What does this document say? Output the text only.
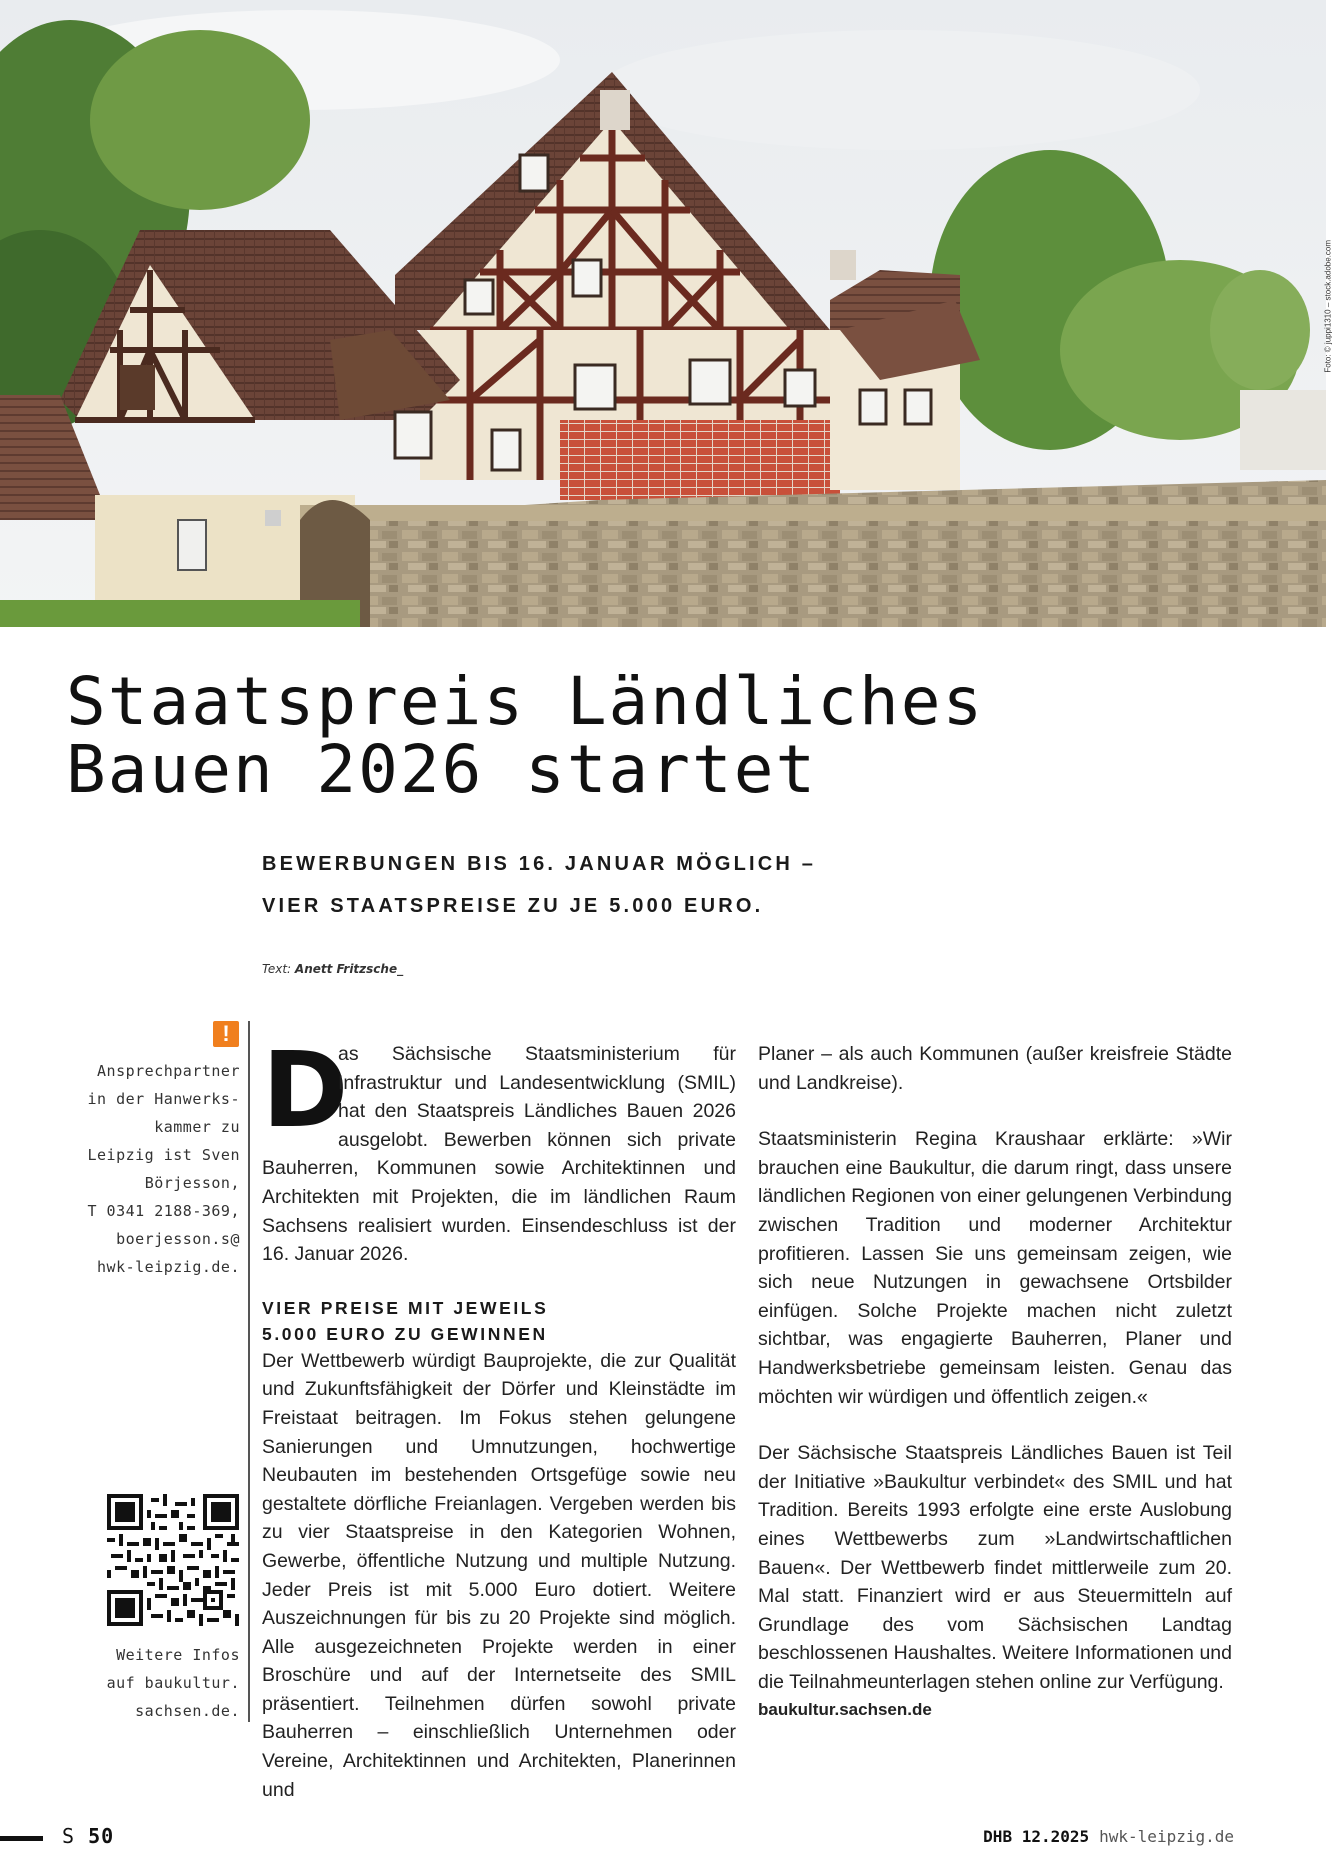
Foto: © juppi1310 – stock.adobe.com
Staatspreis Ländliches
Bauen 2026 startet
BEWERBUNGEN BIS 16. JANUAR MÖGLICH –
VIER STAATSPREISE ZU JE 5.000 EURO.
Text: Anett Fritzsche_
!
Ansprechpartner
in der Hanwerks-
kammer zu
Leipzig ist Sven
Börjesson,
T 0341 2188-369,
boerjesson.s@
hwk-leipzig.de.
Weitere Infos
auf baukultur.
sachsen.de.
D

as Sächsische Staatsministerium für Infrastruktur und Landesentwicklung (SMIL) hat den Staatspreis Ländliches Bauen 2026 ausgelobt. Bewerben können sich private Bauherren, Kommunen sowie Architektinnen und Architekten mit Projekten, die im ländlichen Raum Sachsens realisiert wurden. Einsendeschluss ist der 16. Januar 2026.

VIER PREISE MIT JEWEILS
5.000 EURO ZU GEWINNEN

Der Wettbewerb würdigt Bauprojekte, die zur Qualität und Zukunftsfähigkeit der Dörfer und Kleinstädte im Freistaat beitragen. Im Fokus stehen gelungene Sanierungen und Umnutzungen, hochwertige Neubauten im bestehenden Ortsgefüge sowie neu gestaltete dörfliche Freianlagen. Vergeben werden bis zu vier Staatspreise in den Kategorien Wohnen, Gewerbe, öffentliche Nutzung und multiple Nutzung. Jeder Preis ist mit 5.000 Euro dotiert. Weitere Auszeichnungen für bis zu 20 Projekte sind möglich. Alle ausgezeichneten Projekte werden in einer Broschüre und auf der Internetseite des SMIL präsentiert. Teilnehmen dürfen sowohl private Bauherren – einschließlich Unternehmen oder Vereine, Architektinnen und Architekten, Planerinnen und

Planer – als auch Kommunen (außer kreisfreie Städte und Landkreise).

Staatsministerin Regina Kraushaar erklärte: »Wir brauchen eine Baukultur, die darum ringt, dass unsere ländlichen Regionen von einer gelungenen Verbindung zwischen Tradition und moderner Architektur profitieren. Lassen Sie uns gemeinsam zeigen, wie sich neue Nutzungen in gewachsene Ortsbilder einfügen. Solche Projekte machen nicht zuletzt sichtbar, was engagierte Bauherren, Planer und Handwerksbetriebe gemeinsam leisten. Genau das möchten wir würdigen und öffentlich zeigen.«

Der Sächsische Staatspreis Ländliches Bauen ist Teil der Initiative »Baukultur verbindet« des SMIL und hat Tradition. Bereits 1993 erfolgte eine erste Auslobung eines Wettbewerbs zum »Landwirtschaftlichen Bauen«. Der Wettbewerb findet mittlerweile zum 20. Mal statt. Finanziert wird er aus Steuermitteln auf Grundlage des vom Sächsischen Landtag beschlossenen Haushaltes. Weitere Informationen und die Teilnahmeunterlagen stehen online zur Verfügung.

baukultur.sachsen.de

S 50	DHB 12.2025 hwk-leipzig.de
